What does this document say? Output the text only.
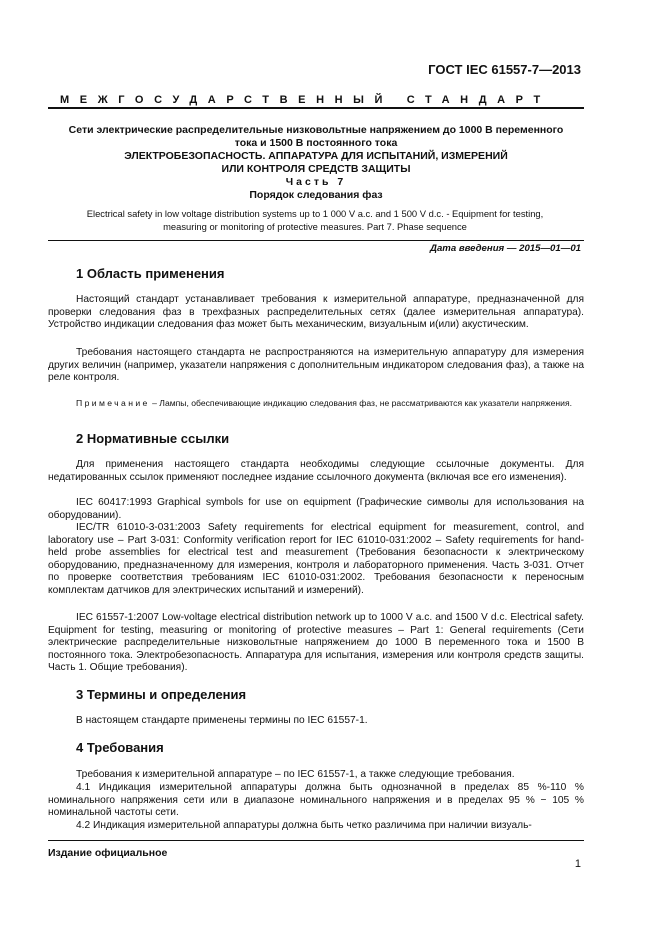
ГОСТ IEC 61557-7—2013
МЕЖГОСУДАРСТВЕННЫЙ СТАНДАРТ
Сети электрические распределительные низковольтные напряжением до 1000 В переменного
тока и 1500 В постоянного тока
ЭЛЕКТРОБЕЗОПАСНОСТЬ. АППАРАТУРА ДЛЯ ИСПЫТАНИЙ, ИЗМЕРЕНИЙ
ИЛИ КОНТРОЛЯ СРЕДСТВ ЗАЩИТЫ
Часть 7
Порядок следования фаз
Electrical safety in low voltage distribution systems up to 1 000 V a.c. and 1 500 V d.c. - Equipment for testing,
measuring or monitoring of protective measures. Part 7. Phase sequence
Дата введения — 2015—01—01
1 Область применения

Настоящий стандарт устанавливает требования к измерительной аппаратуре, предназначенной для проверки следования фаз в трехфазных распределительных сетях (далее измерительная аппаратура). Устройство индикации следования фаз может быть механическим, визуальным и(или) акустическим.

Требования настоящего стандарта не распространяются на измерительную аппаратуру для измерения других величин (например, указатели напряжения с дополнительным индикатором следования фаз), а также на реле контроля.

Примечание – Лампы, обеспечивающие индикацию следования фаз, не рассматриваются как указатели напряжения.

2 Нормативные ссылки

Для применения настоящего стандарта необходимы следующие ссылочные документы. Для недатированных ссылок применяют последнее издание ссылочного документа (включая все его изменения).

IEC 60417:1993 Graphical symbols for use on equipment (Графические символы для использования на оборудовании).

IEC/TR 61010-3-031:2003 Safety requirements for electrical equipment for measurement, control, and laboratory use – Part 3-031: Conformity verification report for IEC 61010-031:2002 – Safety requirements for hand-held probe assemblies for electrical test and measurement (Требования безопасности к электрическому оборудованию, предназначенному для измерения, контроля и лабораторного применения. Часть 3-031. Отчет по проверке соответствия требованиям IEC 61010-031:2002. Требования безопасности к переносным комплектам датчиков для электрических испытаний и измерений).

IEC 61557-1:2007 Low-voltage electrical distribution network up to 1000 V a.c. and 1500 V d.c. Electrical safety. Equipment for testing, measuring or monitoring of protective measures – Part 1: General requirements (Сети электрические распределительные низковольтные напряжением до 1000 В переменного тока и 1500 В постоянного тока. Электробезопасность. Аппаратура для испытания, измерения или контроля средств защиты. Часть 1. Общие требования).

3 Термины и определения

В настоящем стандарте применены термины по IEC 61557-1.

4 Требования

Требования к измерительной аппаратуре – по IEC 61557-1, а также следующие требования.

4.1 Индикация измерительной аппаратуры должна быть однозначной в пределах 85 %-110 % номинального напряжения сети или в диапазоне номинального напряжения и в пределах 95 % − 105 % номинальной частоты сети.

4.2 Индикация измерительной аппаратуры должна быть четко различима при наличии визуаль-

Издание официальное
1
